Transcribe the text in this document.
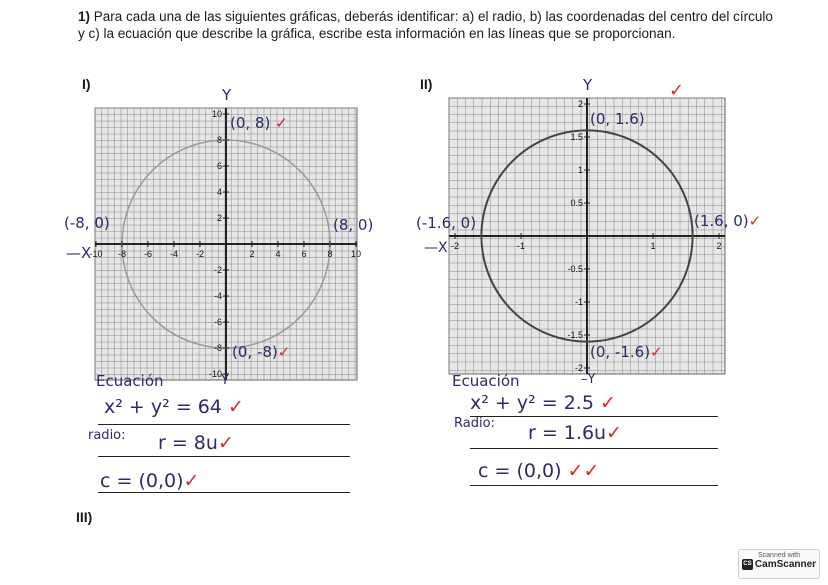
1) Para cada una de las siguientes gráficas, deberás identificar: a) el radio, b) las coordenadas del centro del círculo y c) la ecuación que describe la gráfica, escribe esta información en las líneas que se proporcionan.
I)	II)
III)
-10 -8 -6 -4 -2	2 4 6 8 10
10
8
6
4
2
-2
-4
-6
-8
-10
-2	-1	1	2
2
1.5
1
0.5
-0.5
-1
-1.5
-2
Y
—X
(0, 8) ✓
(-8, 0)	(8, 0)
(0, -8)✓
Y
Ecuación
x² + y² = 64 ✓
radio: r = 8u✓
c = (0,0)✓
Y	✓
—X
(0, 1.6)
(-1.6, 0)	(1.6, 0)✓
(0, -1.6)✓
–Y
Ecuación
x² + y² = 2.5 ✓
Radio: r = 1.6u✓
c = (0,0) ✓✓
Scanned with
CS CamScanner
